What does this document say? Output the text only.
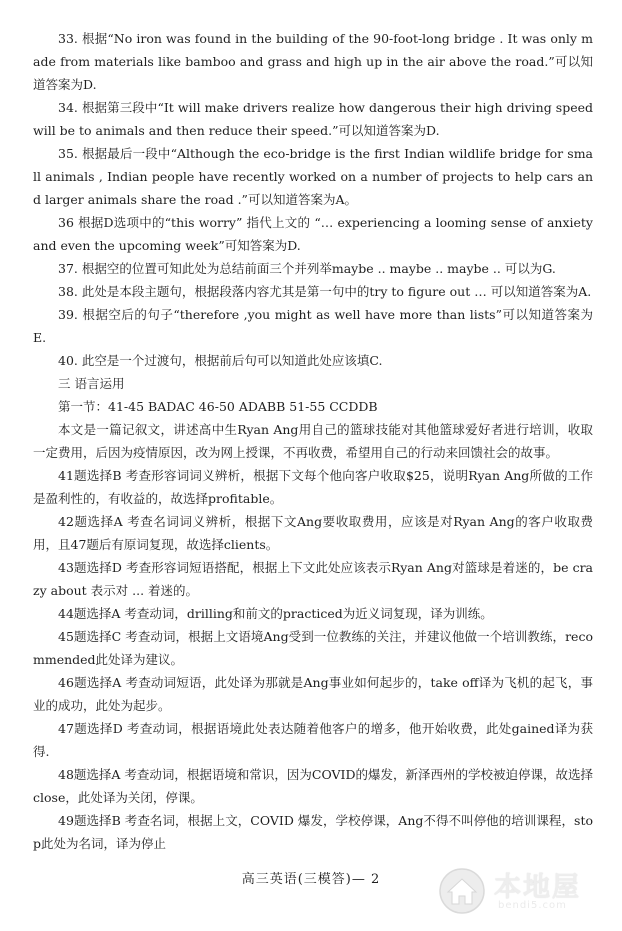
33. 根据“No iron was found in the building of the 90-foot-long bridge . It was only made from materials like bamboo and grass and high up in the air above the road.”可以知道答案为D.

34. 根据第三段中“It will make drivers realize how dangerous their high driving speed will be to animals and then reduce their speed.”可以知道答案为D.

35. 根据最后一段中“Although the eco-bridge is the first Indian wildlife bridge for small animals , Indian people have recently worked on a number of projects to help cars and larger animals share the road .”可以知道答案为A。

36 根据D选项中的“this worry” 指代上文的 “… experiencing a looming sense of anxiety and even the upcoming week”可知答案为D.

37. 根据空的位置可知此处为总结前面三个并列举maybe .. maybe .. maybe .. 可以为G.

38. 此处是本段主题句，根据段落内容尤其是第一句中的try to figure out … 可以知道答案为A.

39. 根据空后的句子“therefore ,you might as well have more than lists”可以知道答案为E.

40. 此空是一个过渡句，根据前后句可以知道此处应该填C.

三 语言运用

第一节：41-45 BADAC 46-50 ADABB 51-55 CCDDB

本文是一篇记叙文，讲述高中生Ryan Ang用自己的篮球技能对其他篮球爱好者进行培训，收取一定费用，后因为疫情原因，改为网上授课，不再收费，希望用自己的行动来回馈社会的故事。

41题选择B 考查形容词词义辨析，根据下文每个他向客户收取$25，说明Ryan Ang所做的工作是盈利性的，有收益的，故选择profitable。

42题选择A 考查名词词义辨析，根据下文Ang要收取费用，应该是对Ryan Ang的客户收取费用，且47题后有原词复现，故选择clients。

43题选择D 考查形容词短语搭配，根据上下文此处应该表示Ryan Ang对篮球是着迷的，be crazy about 表示对 ... 着迷的。

44题选择A 考查动词，drilling和前文的practiced为近义词复现，译为训练。

45题选择C 考查动词，根据上文语境Ang受到一位教练的关注，并建议他做一个培训教练，recommended此处译为建议。

46题选择A 考查动词短语，此处译为那就是Ang事业如何起步的，take off译为飞机的起飞，事业的成功，此处为起步。

47题选择D 考查动词，根据语境此处表达随着他客户的增多，他开始收费，此处gained译为获得.

48题选择A 考查动词，根据语境和常识，因为COVID的爆发，新泽西州的学校被迫停课，故选择close，此处译为关闭，停课。

49题选择B 考查名词，根据上文，COVID 爆发，学校停课，Ang不得不叫停他的培训课程，stop此处为名词，译为停止

高三英语(三模答)— 2	本地屋
bendi5.com
